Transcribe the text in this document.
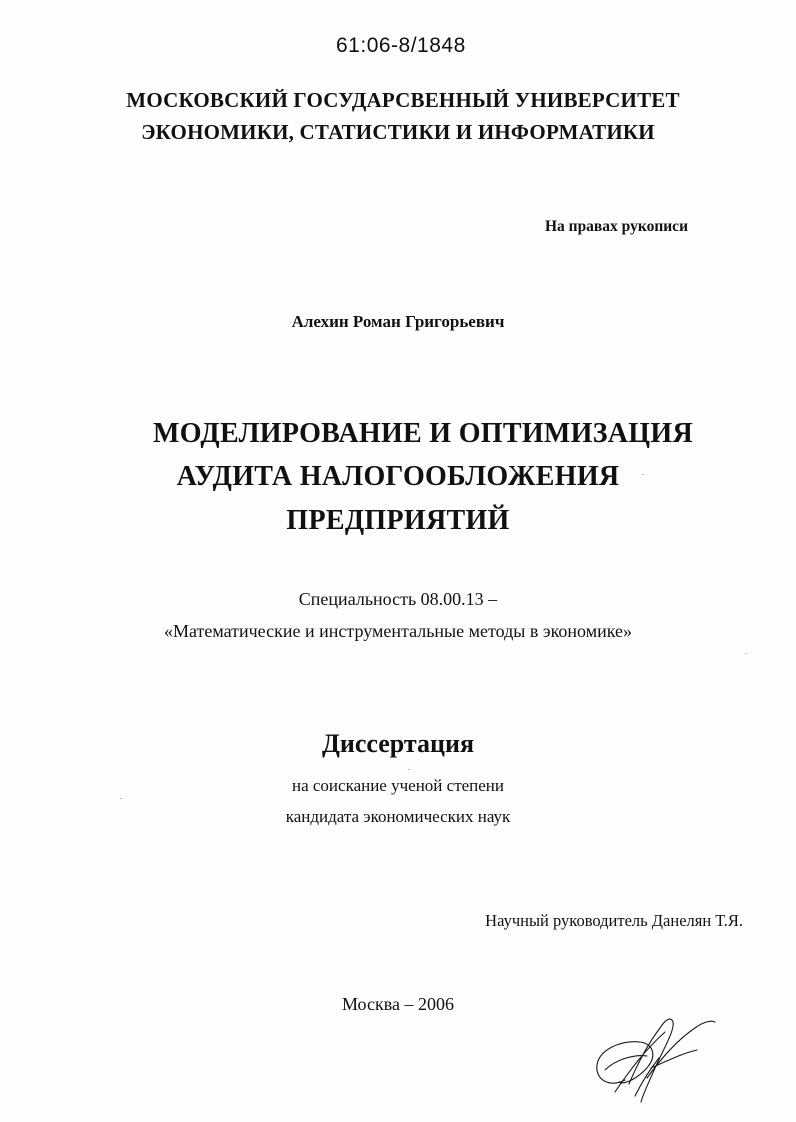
61:06-8/1848
МОСКОВСКИЙ ГОСУДАРСВЕННЫЙ УНИВЕРСИТЕТ
ЭКОНОМИКИ, СТАТИСТИКИ И ИНФОРМАТИКИ
На правах рукописи
Алехин Роман Григорьевич
МОДЕЛИРОВАНИЕ И ОПТИМИЗАЦИЯ
АУДИТА НАЛОГООБЛОЖЕНИЯ
ПРЕДПРИЯТИЙ
Специальность 08.00.13 –
«Математические и инструментальные методы в экономике»
Диссертация
на соискание ученой степени
кандидата экономических наук
Научный руководитель Данелян Т.Я.
Москва – 2006
